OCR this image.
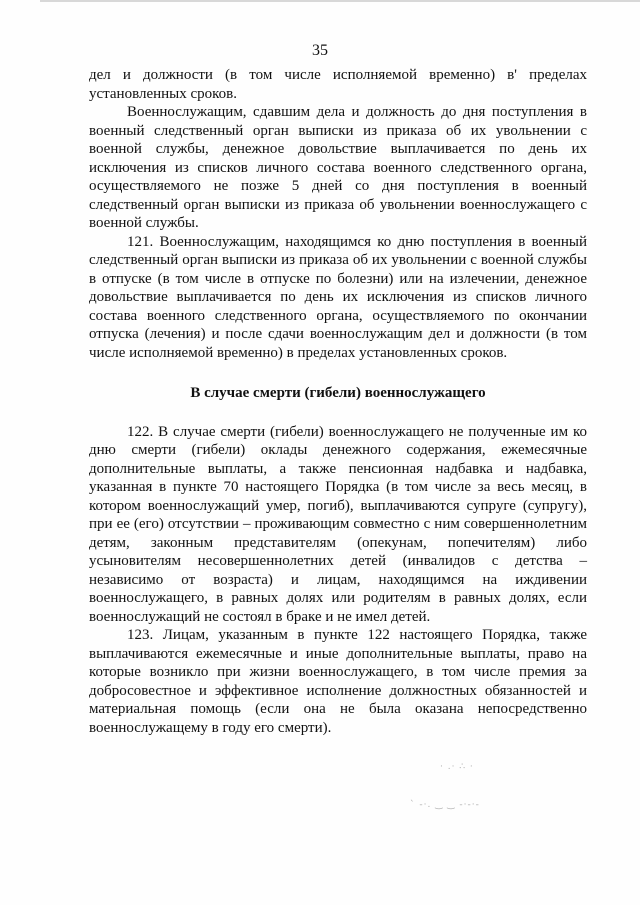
35

дел и должности (в том числе исполняемой временно) в' пределах установленных сроков.

Военнослужащим, сдавшим дела и должность до дня поступления в военный следственный орган выписки из приказа об их увольнении с военной службы, денежное довольствие выплачивается по день их исключения из списков личного состава военного следственного органа, осуществляемого не позже 5 дней со дня поступления в военный следственный орган выписки из приказа об увольнении военнослужащего с военной службы.

121. Военнослужащим, находящимся ко дню поступления в военный следственный орган выписки из приказа об их увольнении с военной службы в отпуске (в том числе в отпуске по болезни) или на излечении, денежное довольствие выплачивается по день их исключения из списков личного состава военного следственного органа, осуществляемого по окончании отпуска (лечения) и после сдачи военнослужащим дел и должности (в том числе исполняемой временно) в пределах установленных сроков.

В случае смерти (гибели) военнослужащего

122. В случае смерти (гибели) военнослужащего не полученные им ко дню смерти (гибели) оклады денежного содержания, ежемесячные дополнительные выплаты, а также пенсионная надбавка и надбавка, указанная в пункте 70 настоящего Порядка (в том числе за весь месяц, в котором военнослужащий умер, погиб), выплачиваются супруге (супругу), при ее (его) отсутствии – проживающим совместно с ним совершеннолетним детям, законным представителям (опекунам, попечителям) либо усыновителям несовершеннолетних детей (инвалидов с детства – независимо от возраста) и лицам, находящимся на иждивении военнослужащего, в равных долях или родителям в равных долях, если военнослужащий не состоял в браке и не имел детей.

123. Лицам, указанным в пункте 122 настоящего Порядка, также выплачиваются ежемесячные и иные дополнительные выплаты, право на которые возникло при жизни военнослужащего, в том числе премия за добросовестное и эффективное исполнение должностных обязанностей и материальная помощь (если она не была оказана непосредственно военнослужащему в году его смерти).

· .· ∴ ·
` -·. ‿ ‿ -·-·-
